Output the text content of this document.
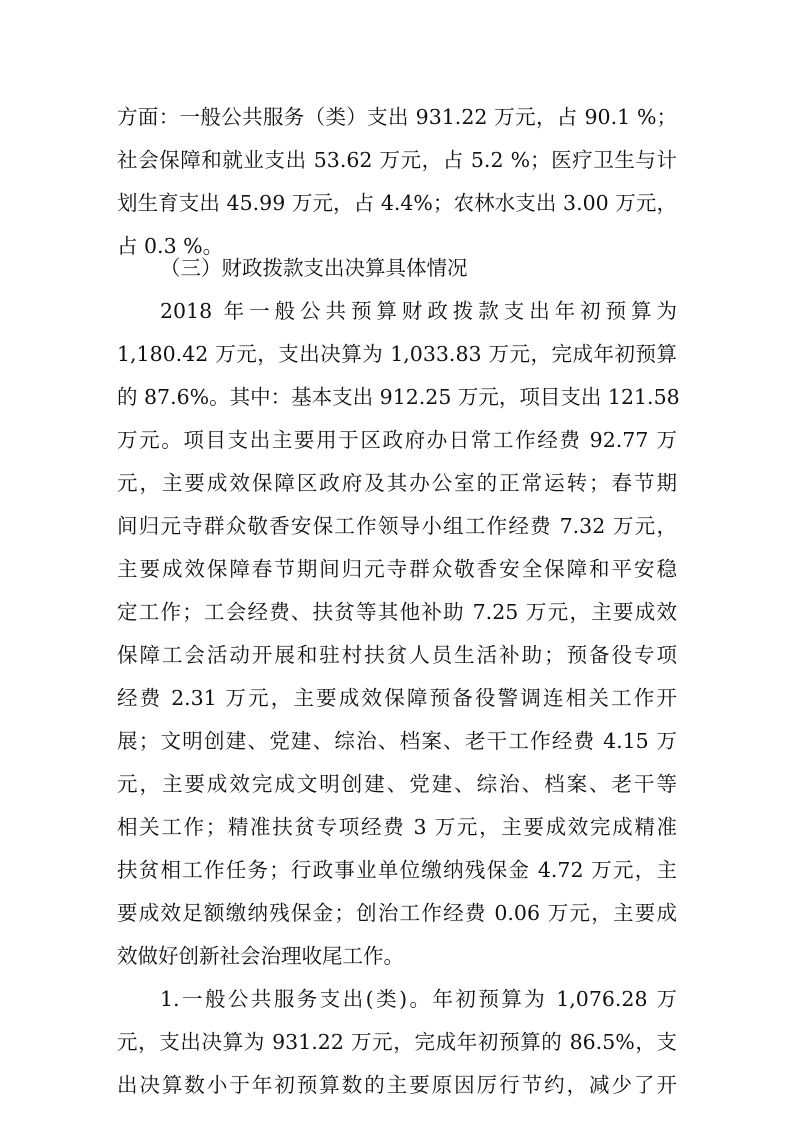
方面：一般公共服务（类）支出 931.22 万元，占 90.1 %；
社会保障和就业支出 53.62 万元，占 5.2 %；医疗卫生与计
划生育支出 45.99 万元，占 4.4%；农林水支出 3.00 万元，
占 0.3 %。
（三）财政拨款支出决算具体情况
2018 年一般公共预算财政拨款支出年初预算为
1,180.42 万元，支出决算为 1,033.83 万元，完成年初预算
的 87.6%。其中：基本支出 912.25 万元，项目支出 121.58
万元。项目支出主要用于区政府办日常工作经费 92.77 万
元，主要成效保障区政府及其办公室的正常运转；春节期
间归元寺群众敬香安保工作领导小组工作经费 7.32 万元，
主要成效保障春节期间归元寺群众敬香安全保障和平安稳
定工作；工会经费、扶贫等其他补助 7.25 万元，主要成效
保障工会活动开展和驻村扶贫人员生活补助；预备役专项
经费 2.31 万元，主要成效保障预备役警调连相关工作开
展；文明创建、党建、综治、档案、老干工作经费 4.15 万
元，主要成效完成文明创建、党建、综治、档案、老干等
相关工作；精准扶贫专项经费 3 万元，主要成效完成精准
扶贫相工作任务；行政事业单位缴纳残保金 4.72 万元，主
要成效足额缴纳残保金；创治工作经费 0.06 万元，主要成
效做好创新社会治理收尾工作。
1.一般公共服务支出(类)。年初预算为 1,076.28 万
元，支出决算为 931.22 万元，完成年初预算的 86.5%，支
出决算数小于年初预算数的主要原因厉行节约，减少了开
